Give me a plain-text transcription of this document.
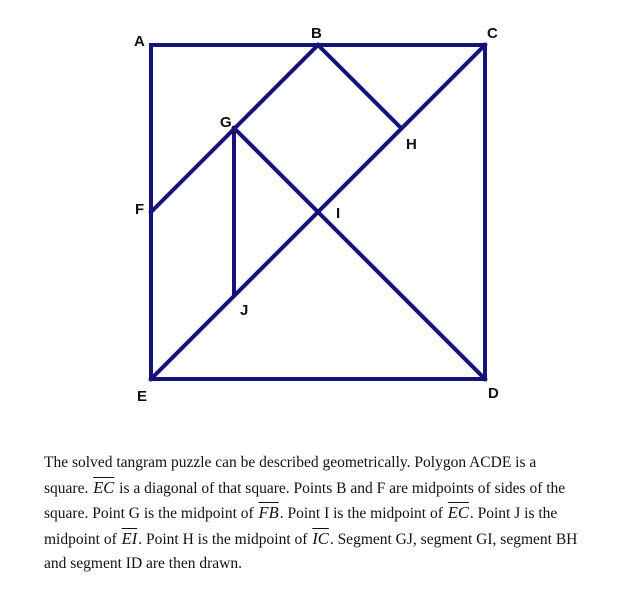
A	B	C
D
E
F
G
H
I
J

The solved tangram puzzle can be described geometrically. Polygon ACDE is a square. $\overline{EC}$ is a diagonal of that square. Points B and F are midpoints of sides of the square. Point G is the midpoint of $\overline{FB}$. Point I is the midpoint of $\overline{EC}$. Point J is the midpoint of $\overline{EI}$. Point H is the midpoint of $\overline{IC}$. Segment GJ, segment GI, segment BH and segment ID are then drawn.
